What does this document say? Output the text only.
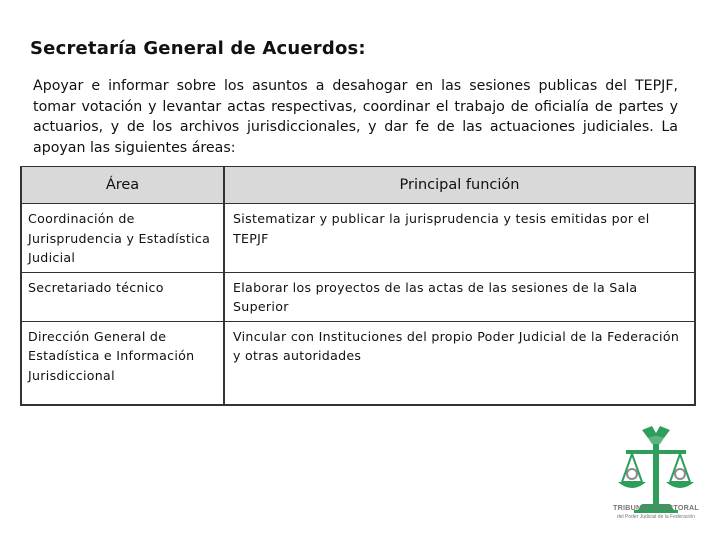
Secretaría General de Acuerdos:
Apoyar e informar sobre los asuntos a desahogar en las sesiones publicas del TEPJF, tomar votación y levantar actas respectivas, coordinar el trabajo de oficialía de partes y actuarios, y de los archivos jurisdiccionales, y dar fe de las actuaciones judiciales. La apoyan las siguientes áreas:
Área	Principal función
Coordinación de Jurisprudencia y Estadística Judicial	Sistematizar y publicar la jurisprudencia y tesis emitidas por el TEPJF
Secretariado técnico	Elaborar los proyectos de las actas de las sesiones de la Sala Superior
Dirección General de Estadística e Información Jurisdiccional	Vincular con Instituciones del propio Poder Judicial de la Federación y otras autoridades
TRIBUNAL ELECTORAL
del Poder Judicial de la Federación
